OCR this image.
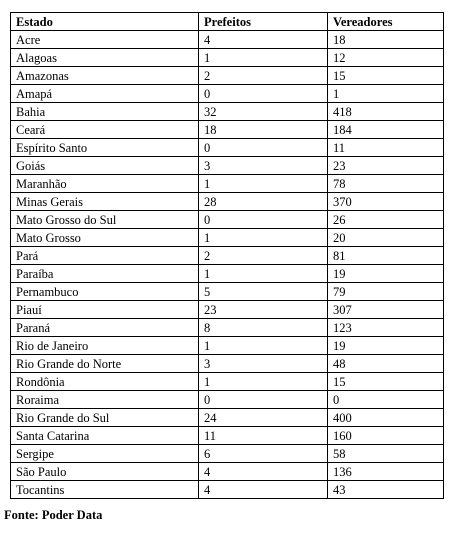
Estado	Prefeitos	Vereadores
Acre	4	18
Alagoas	1	12
Amazonas	2	15
Amapá	0	1
Bahia	32	418
Ceará	18	184
Espírito Santo	0	11
Goiás	3	23
Maranhão	1	78
Minas Gerais	28	370
Mato Grosso do Sul	0	26
Mato Grosso	1	20
Pará	2	81
Paraíba	1	19
Pernambuco	5	79
Piauí	23	307
Paraná	8	123
Rio de Janeiro	1	19
Rio Grande do Norte	3	48
Rondônia	1	15
Roraima	0	0
Rio Grande do Sul	24	400
Santa Catarina	11	160
Sergipe	6	58
São Paulo	4	136
Tocantins	4	43
Fonte: Poder Data
